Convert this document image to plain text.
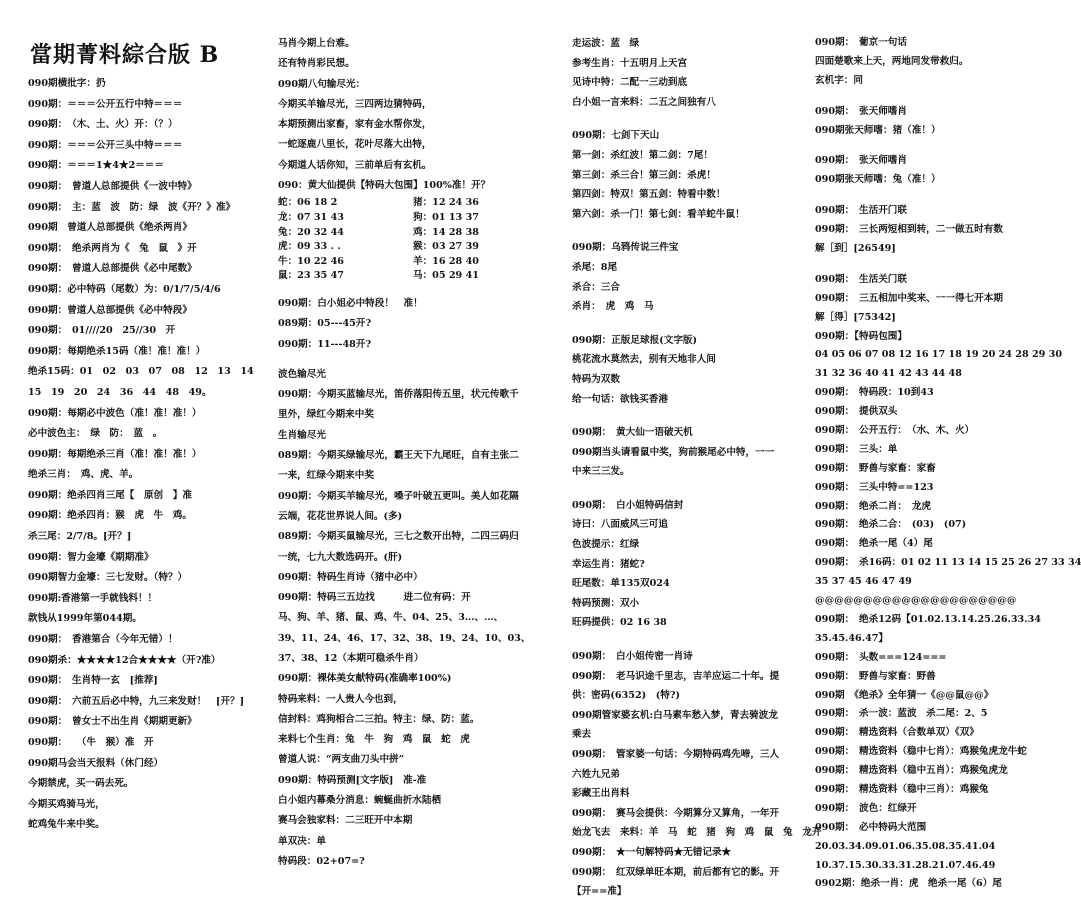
當期菁料綜合版 B
090期横批字：扔
090期：＝＝＝公开五行中特＝＝＝
090期：　（木、土、火）开：（？）
090期：＝＝＝公开三头中特＝＝＝
090期：＝＝＝1★4★2＝＝＝
090期：　曾道人总部提供《一波中特》
090期：　主：蓝　波　防：绿　波《开？》准》
090期　曾道人总部提供《绝杀两肖》
090期：　绝杀两肖为《　兔　鼠　》开
090期：　曾道人总部提供《必中尾数》
090期：必中特码（尾数）为：0/1/7/5/4/6
090期：曾道人总部提供《必中特段》
090期：　01////20　25//30　开
090期：每期绝杀15码（准！准！准！）
绝杀15码：01　02　03　07　08　12　13　14
15　19　20　24　36　44　48　49。
090期：每期必中波色（准！准！准！）
必中波色主：　绿　防：　蓝　。
090期：每期绝杀三肖（准！准！准！）
绝杀三肖：　鸡、虎、羊。
090期：绝杀四肖三尾【　原创　】准
090期：绝杀四肖：猴　虎　牛　鸡。
杀三尾：2/7/8。[开？]
090期：智力金壕《期期准》
090期智力金壕：三七发财。（特？）
090期:香港第一手就钱料！！
款钱从1999年第044期。
090期：　香港第合（今年无错）！
090期杀：★★★★12合★★★★（开?准）
090期：　生肖特一玄　[推荐]
090期：　六前五后必中特，九三来发财！　[开？]
090期：　曾女士不出生肖《期期更新》
090期：　　（牛　猴）准　开
090期马会当天报料（休门经）
今期禁虎，买一码去死。
今期买鸡骑马光，
蛇鸡兔牛来中奖。
马肖今期上台难。
还有特肖彩民想。
090期八句输尽光：
今期买羊输尽光，三四两边猜特码，
本期预测出家畜，家有金水帮你发，
一蛇逐鹿八里长，花叶尽落大出特，
今期道人话你知，三前单后有玄机。
090：黄大仙提供【特码大包围】100%准！开？
蛇：06 18 2	猪：12 24 36
龙：07 31 43	狗：01 13 37
兔：20 32 44	鸡：14 28 38
虎：09 33 . .	猴：03 27 39
牛：10 22 46	羊：16 28 40
鼠：23 35 47	马：05 29 41
090期：白小姐必中特段！　准！
089期：05---45开?
090期：11---48开?
波色输尽光
090期：今期买蓝输尽光，笛侨落阳传五里，状元传歌千
里外，绿红今期来中奖
生肖输尽光
089期：今期买绿输尽光，霸王天下九尾旺，自有主张二
一来，红绿今期来中奖
090期：今期买羊输尽光，嗓子叶破五更叫。美人如花隔
云端，花花世界说人间。(多)
089期：今期买鼠输尽光，三七之数开出特，二四三码归
一统，七九大数选码开。(肝)
090期：特码生肖诗（猪中必中）
090期：特码三五边找　　　进二位有码：开
马、狗、羊、猪、鼠、鸡、牛、04、25、3…、…、
39、11、24、46、17、32、38、19、24、10、03、
37、38、12（本期可稳杀牛肖）
090期：裸体美女献特码(准确率100%)
特码来料：一人贵人今也到，
信封料：鸡狗相合二三拍。特主：绿、防：蓝。
来料七个生肖：兔　牛　狗　鸡　鼠　蛇　虎
曾道人说：“两支曲刀头中拼”
090期：特码预测[文字版]　准-准
白小姐内幕桑分消息：蜿蜒曲折水陆栖
赛马会独家料：二三旺开中本期
单双决：单
特码段：02+07=?
走运波：蓝　绿
参考生肖：十五明月上天宫
见诗中特：二配一三动到底
白小姐一言来料：二五之间独有八
090期：七剑下天山
第一剑：杀红波！第二剑：7尾！
第三剑：杀三合！第三剑：杀虎！
第四剑：特双！第五剑：特看中数！
第六剑：杀一门！第七剑：看羊蛇牛鼠！
090期：乌鸦传说三件宝
杀尾：8尾
杀合：三合
杀肖：　虎　鸡　马
090期：正版足球报(文字版)
桃花流水莫然去，别有天地非人间
特码为双数
给一句话：欲钱买香港
090期：　黄大仙一语破天机
090期当头请看鼠中奖，狗前猴尾必中特，一一
中来三三发。
090期：　白小姐特码信封
诗曰：八面威风三可追
色波提示：红绿
幸运生肖：猪蛇?
旺尾数：单135双024
特码预测：双小
旺码提供：02 16 38
090期：　白小姐传密一肖诗
090期：　老马识途千里志，吉羊应运二十年。提
供：密码(6352)　(特?)
090期管家婆玄机:白马素车愁入梦，青去骑波龙
乘去
090期：　管家婆一句话：今期特码鸡先啼，三人
六姓九兄弟
彩藏王出肖料
090期：　赛马会提供：今期算分又算角，一年开
始龙飞去　来料：羊　马　蛇　猪　狗　鸡　鼠　兔　龙开
090期：　★一句解特码★无错记录★
090期：　红双绿单旺本期，前后都有它的影。开
【开==准】
090期：　葡京一句话
四面楚歌来上天，两地同发带救归。
玄机字：同
090期：　张天师嗜肖
090期张天师嗜：猪（准！）
090期：　张天师嗜肖
090期张天师嗜：兔（准！）
090期：　生活开门联
090期：　三长两短相到转，二一做五时有数
解［到］[26549]
090期：　生活关门联
090期：　三五相加中奖来、一一得七开本期
解［得］[75342]
090期：【特码包围】
04 05 06 07 08 12 16 17 18 19 20 24 28 29 30
31 32 36 40 41 42 43 44 48
090期：　特码段：10到43
090期：　提供双头
090期：　公开五行：　（水、木、火）
090期：　三头：单
090期：　野兽与家畜：家畜
090期：　三头中特==123
090期：　绝杀二肖：　龙虎
090期：　绝杀二合：　(03)　(07)
090期：　绝杀一尾（4）尾
090期：　杀16码：01 02 11 13 14 15 25 26 27 33 34
35 37 45 46 47 49
@@@@@@@@@@@@@@@@@@@@@
090期：　绝杀12码【01.02.13.14.25.26.33.34
35.45.46.47】
090期：　头数===124===
090期：　野兽与家畜：野兽
090期　《绝杀》全年猜一《@@鼠@@》
090期：　杀一波：蓝波　杀二尾：2、5
090期：　精选资料（合数单双）《双》
090期：　精选资料（稳中七肖）：鸡猴兔虎龙牛蛇
090期：　精选资料（稳中五肖）：鸡猴兔虎龙
090期：　精选资料（稳中三肖）：鸡猴兔
090期：　波色：红绿开
090期：　必中特码大范围
20.03.34.09.01.06.35.08.35.41.04
10.37.15.30.33.31.28.21.07.46.49
0902期：绝杀一肖：虎　绝杀一尾（6）尾
